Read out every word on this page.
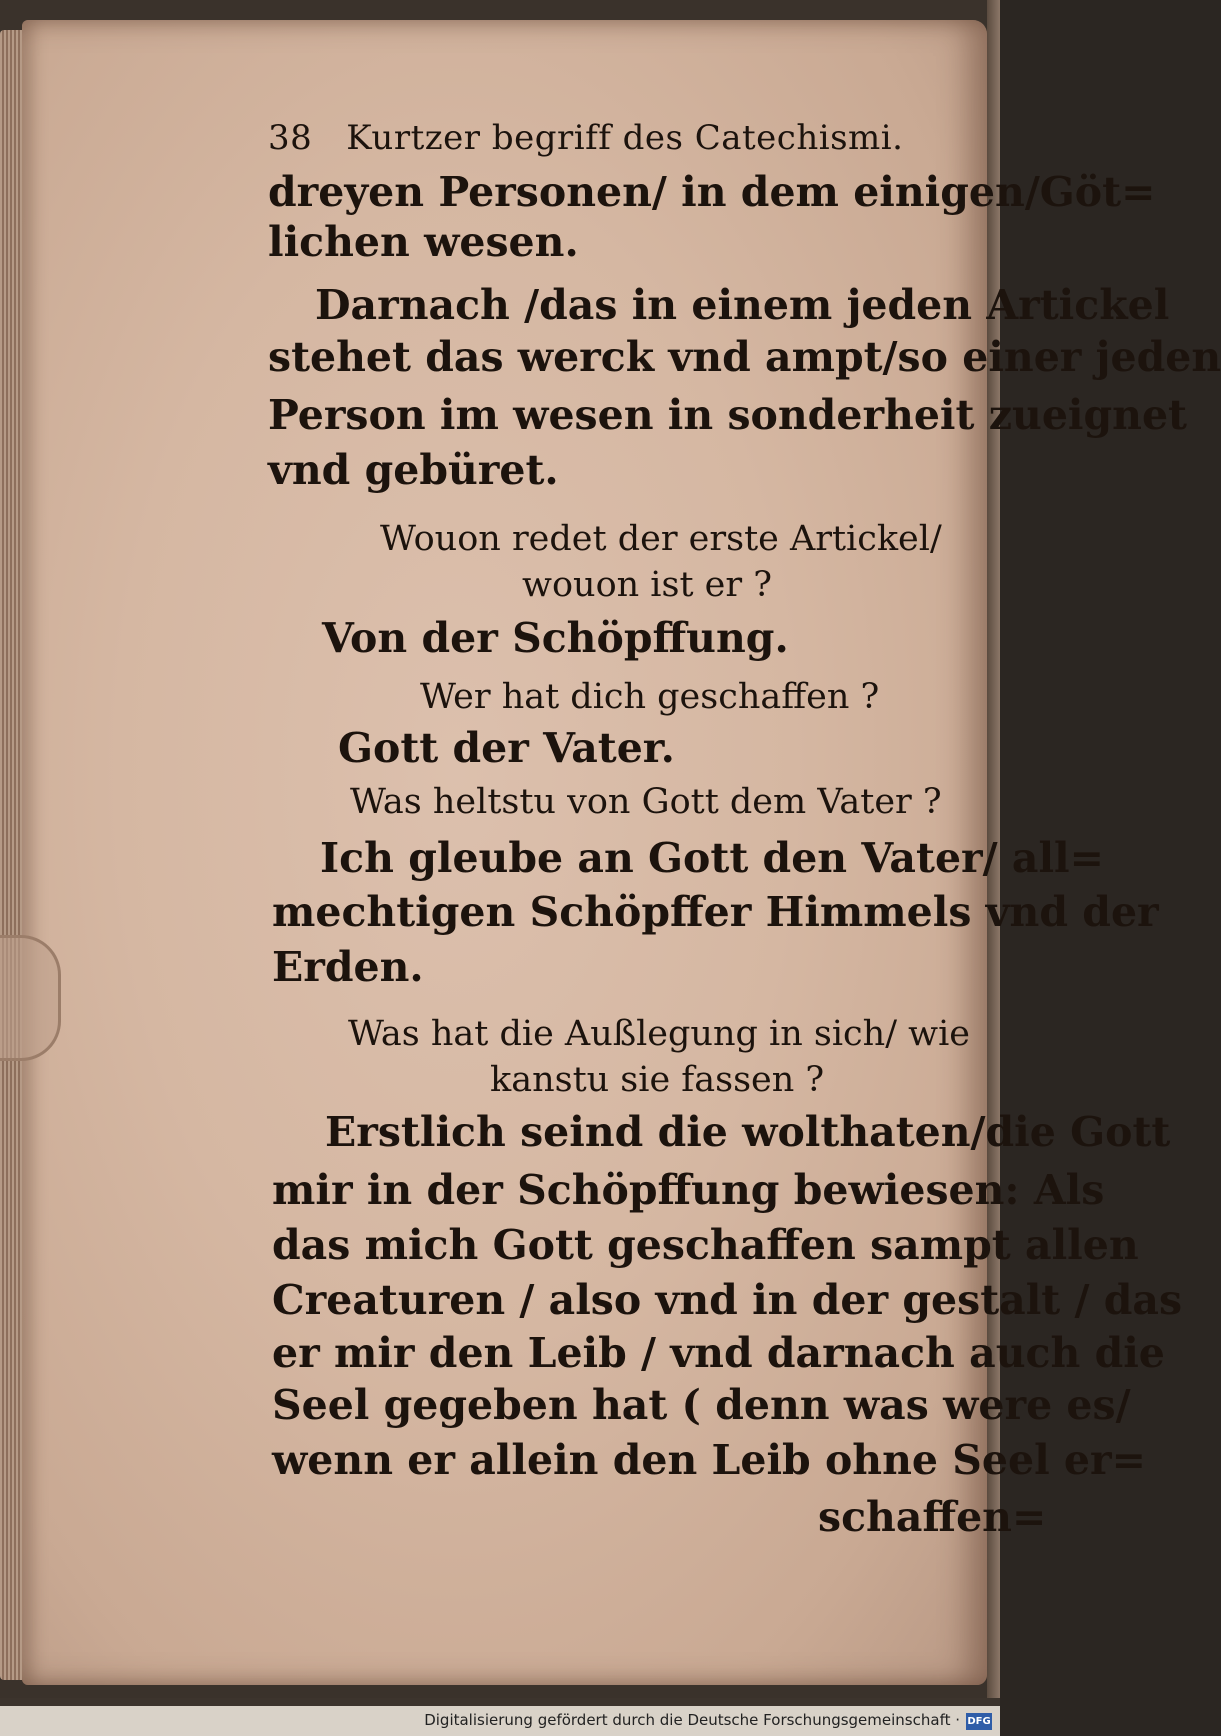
38 Kurtzer begriff des Catechismi.
dreyen Personen/ in dem einigen/Göt=
lichen wesen.
Darnach /das in einem jeden Artickel
stehet das werck vnd ampt/so einer jeden
Person im wesen in sonderheit zueignet
vnd gebüret.
Wouon redet der erste Artickel/
wouon ist er ?
Von der Schöpffung.
Wer hat dich geschaffen ?
Gott der Vater.
Was heltstu von Gott dem Vater ?
Ich gleube an Gott den Vater/ all=
mechtigen Schöpffer Himmels vnd der
Erden.
Was hat die Außlegung in sich/ wie
kanstu sie fassen ?
Erstlich seind die wolthaten/die Gott
mir in der Schöpffung bewiesen: Als
das mich Gott geschaffen sampt allen
Creaturen / also vnd in der gestalt / das
er mir den Leib / vnd darnach auch die
Seel gegeben hat ( denn was were es/
wenn er allein den Leib ohne Seel er=
schaffen=
Digitalisierung gefördert durch die Deutsche Forschungsgemeinschaft · DFG
